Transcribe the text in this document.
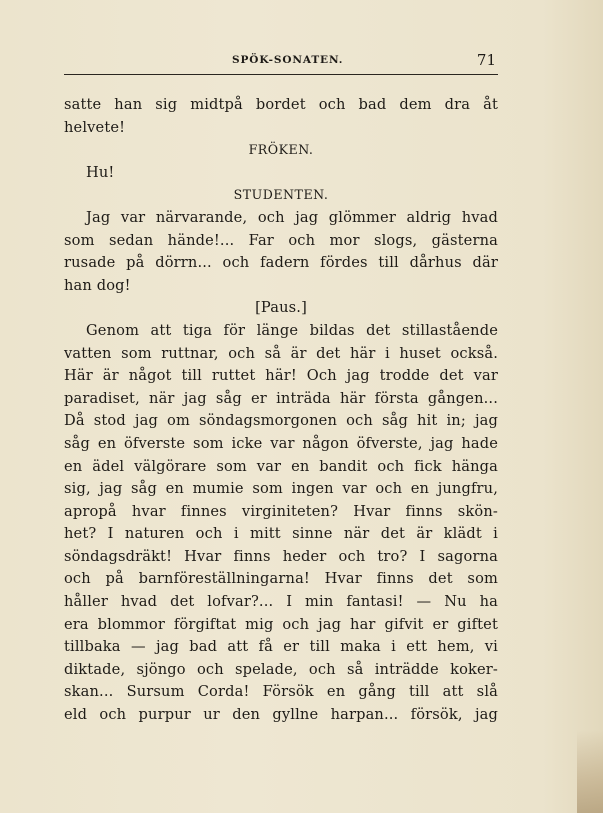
SPÖK-SONATEN.	71
satte han sig midtpå bordet och bad dem dra åt
helvete!
FRÖKEN.
Hu!
STUDENTEN.
Jag var närvarande, och jag glömmer aldrig hvad
som sedan hände!... Far och mor slogs, gästerna
rusade på dörrn... och fadern fördes till dårhus där
han dog!
[Paus.]
Genom att tiga för länge bildas det stillastående
vatten som ruttnar, och så är det här i huset också.
Här är något till ruttet här! Och jag trodde det var
paradiset, när jag såg er inträda här första gången...
Då stod jag om söndagsmorgonen och såg hit in; jag
såg en öfverste som icke var någon öfverste, jag hade
en ädel välgörare som var en bandit och fick hänga
sig, jag såg en mumie som ingen var och en jungfru,
apropå hvar finnes virginiteten? Hvar finns skön-
het? I naturen och i mitt sinne när det är klädt i
söndagsdräkt! Hvar finns heder och tro? I sagorna
och på barnföreställningarna! Hvar finns det som
håller hvad det lofvar?... I min fantasi! — Nu ha
era blommor förgiftat mig och jag har gifvit er giftet
tillbaka — jag bad att få er till maka i ett hem, vi
diktade, sjöngo och spelade, och så inträdde koker-
skan... Sursum Corda! Försök en gång till att slå
eld och purpur ur den gyllne harpan... försök, jag
